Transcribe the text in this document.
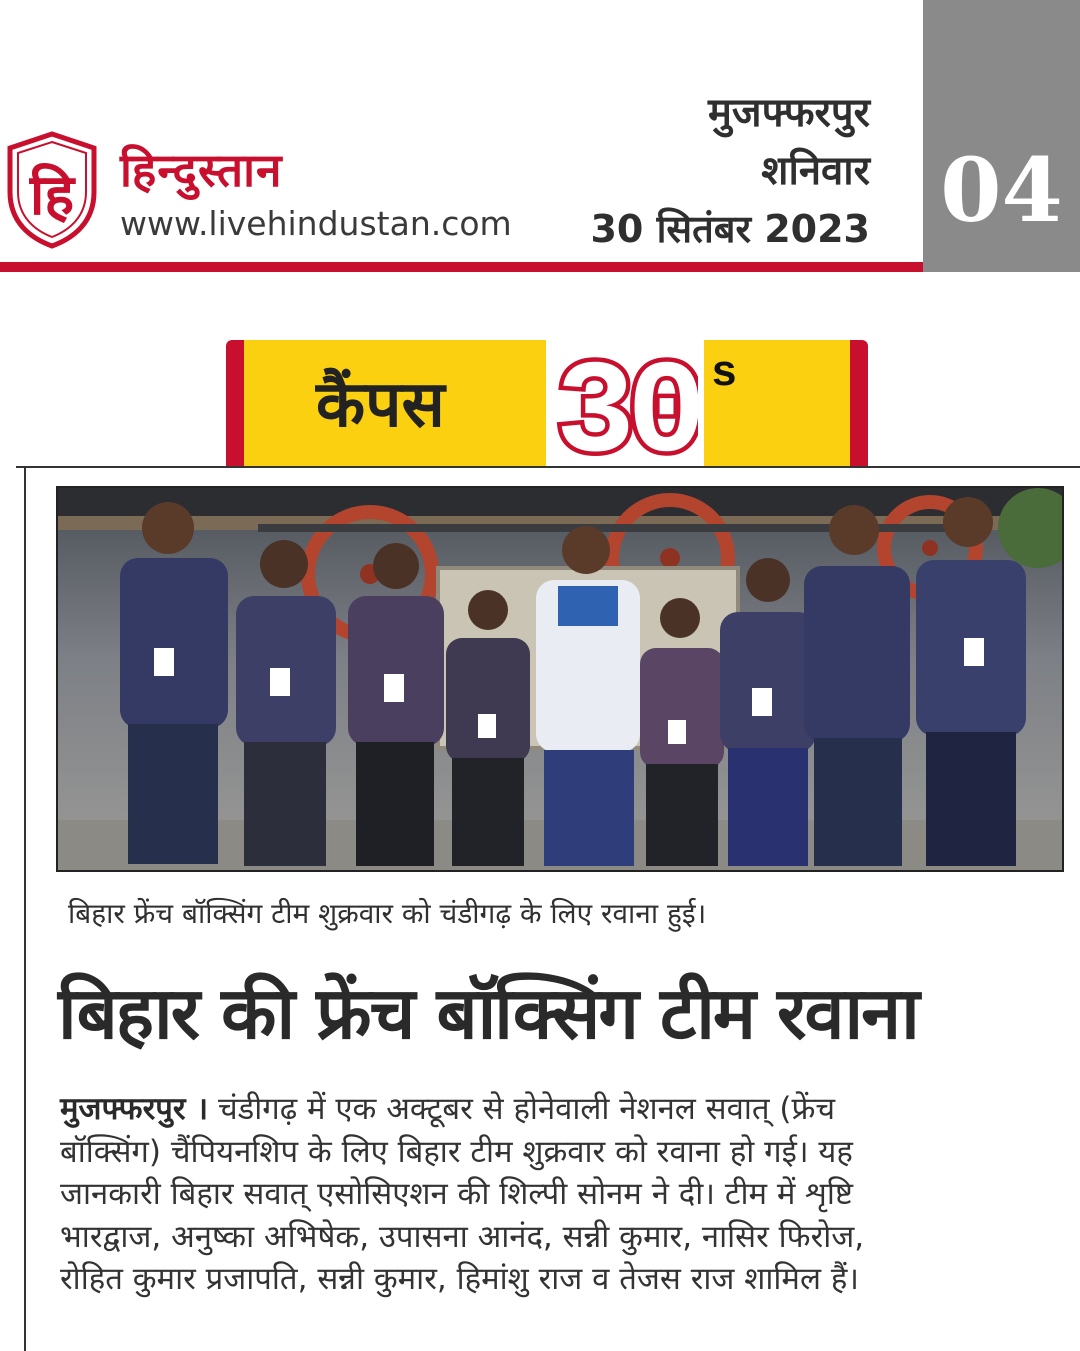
हि हिन्दुस्तान
www.livehindustan.com
मुजफ्फरपुर
शनिवार
30 सितंबर 2023 04
कैंपस 30 s
बिहार फ्रेंच बॉक्सिंग टीम शुक्रवार को चंडीगढ़ के लिए रवाना हुई।
बिहार की फ्रेंच बॉक्सिंग टीम रवाना
मुजफ्फरपुर । चंडीगढ़ में एक अक्टूबर से होनेवाली नेशनल सवात् (फ्रेंच
बॉक्सिंग) चैंपियनशिप के लिए बिहार टीम शुक्रवार को रवाना हो गई। यह
जानकारी बिहार सवात् एसोसिएशन की शिल्पी सोनम ने दी। टीम में शृष्टि
भारद्वाज, अनुष्का अभिषेक, उपासना आनंद, सन्नी कुमार, नासिर फिरोज,
रोहित कुमार प्रजापति, सन्नी कुमार, हिमांशु राज व तेजस राज शामिल हैं।
